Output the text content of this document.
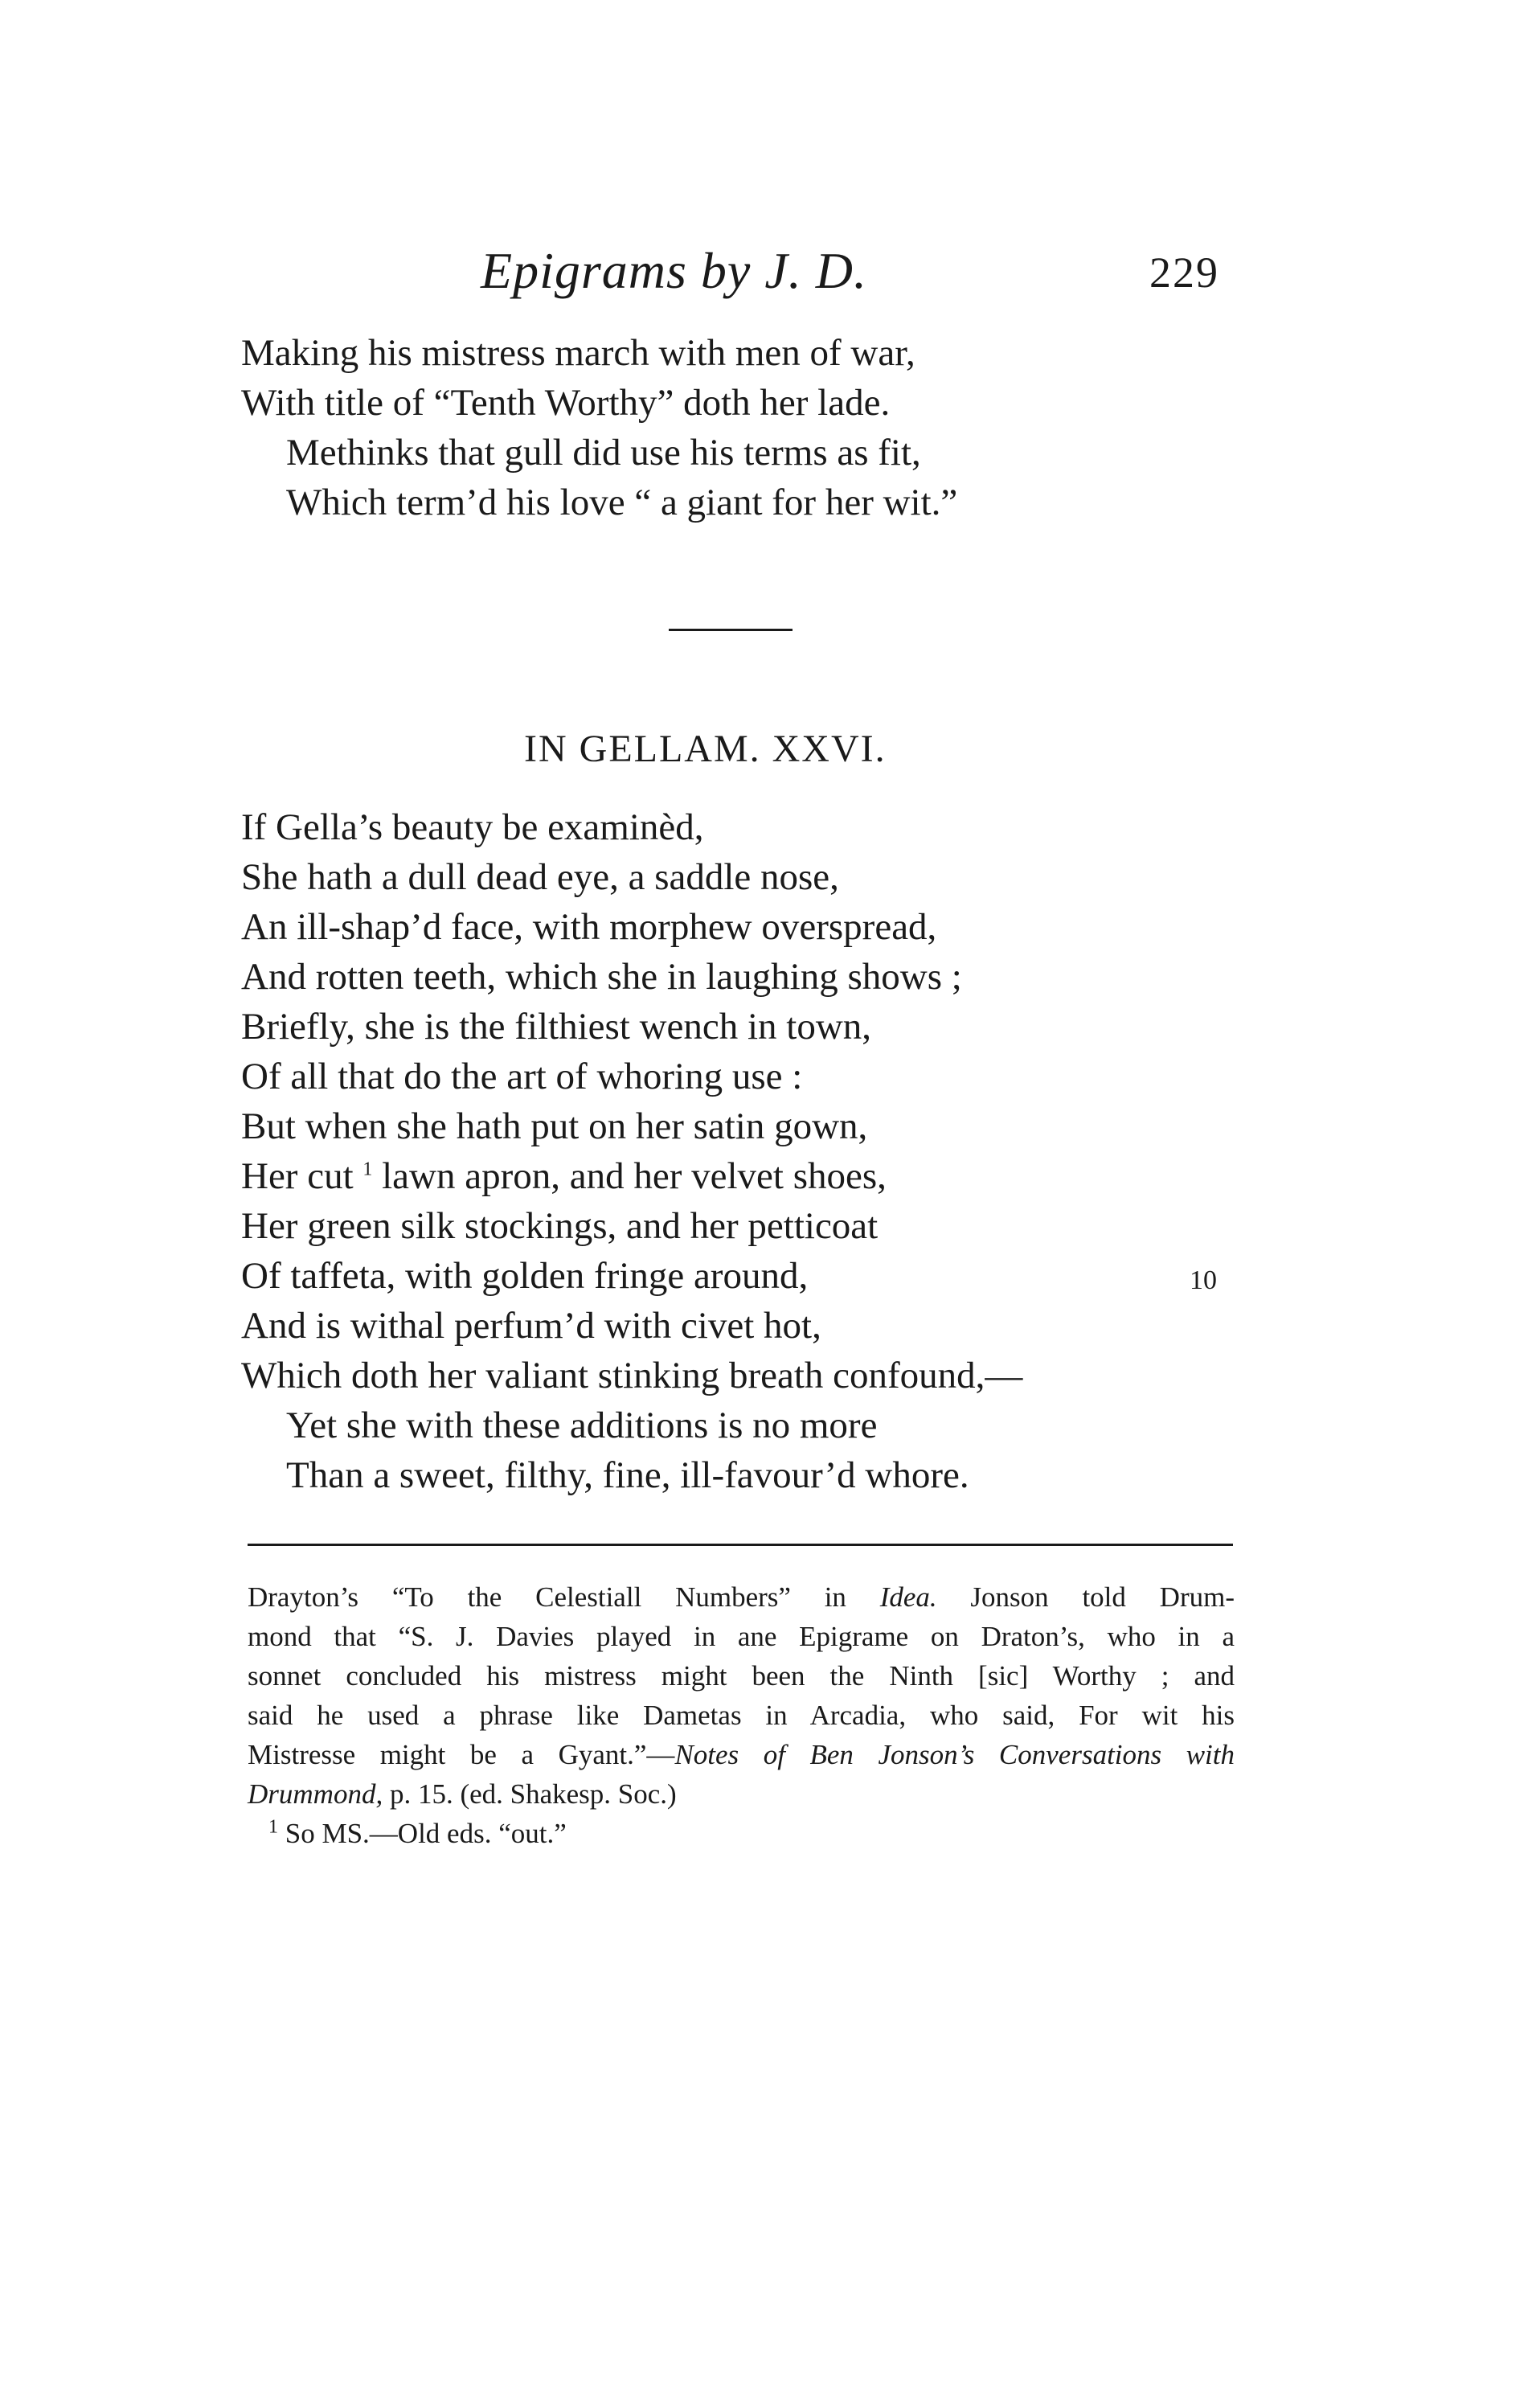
Epigrams by J. D.	229
Making his mistress march with men of war,
With title of “Tenth Worthy” doth her lade.
Methinks that gull did use his terms as fit,
Which term’d his love “ a giant for her wit.”
IN GELLAM. XXVI.
If Gella’s beauty be examinèd,
She hath a dull dead eye, a saddle nose,
An ill-shap’d face, with morphew overspread,
And rotten teeth, which she in laughing shows ;
Briefly, she is the filthiest wench in town,
Of all that do the art of whoring use :
But when she hath put on her satin gown,
Her cut $^1$ lawn apron, and her velvet shoes,
Her green silk stockings, and her petticoat
Of taffeta, with golden fringe around,	10
And is withal perfum’d with civet hot,
Which doth her valiant stinking breath confound,—
Yet she with these additions is no more
Than a sweet, filthy, fine, ill-favour’d whore.
Drayton’s “To the Celestiall Numbers” in Idea. Jonson told Drum-
mond that “S. J. Davies played in ane Epigrame on Draton’s, who in a
sonnet concluded his mistress might been the Ninth [sic] Worthy ; and
said he used a phrase like Dametas in Arcadia, who said, For wit his
Mistresse might be a Gyant.”—Notes of Ben Jonson’s Conversations with
Drummond, p. 15. (ed. Shakesp. Soc.)
$^1$ So MS.—Old eds. “out.”
